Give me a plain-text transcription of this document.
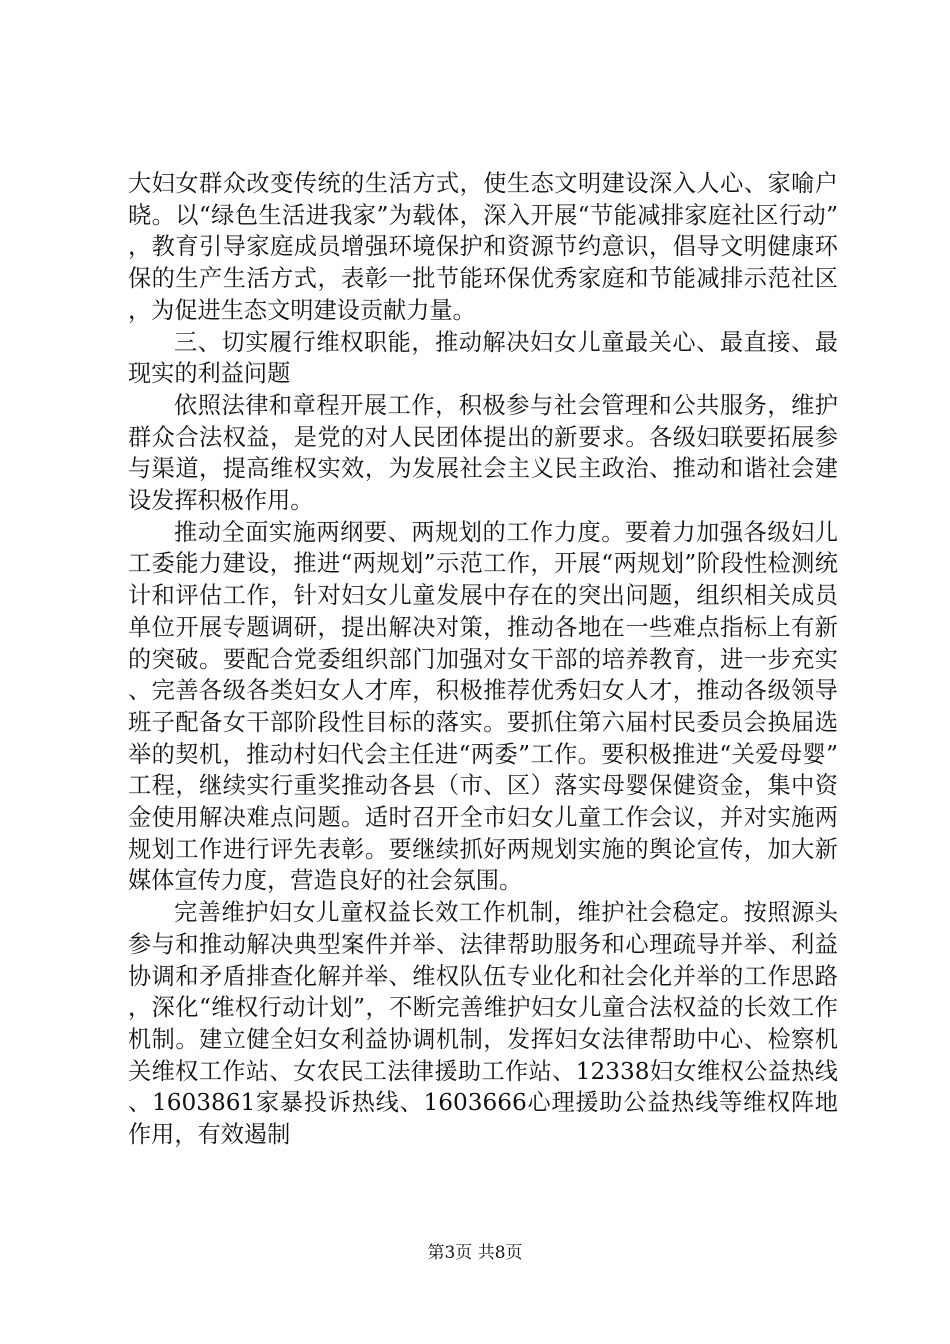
大妇女群众改变传统的生活方式，使生态文明建设深入人心、家喻户晓。以“绿色生活进我家”为载体，深入开展“节能减排家庭社区行动”，教育引导家庭成员增强环境保护和资源节约意识，倡导文明健康环保的生产生活方式，表彰一批节能环保优秀家庭和节能减排示范社区，为促进生态文明建设贡献力量。

三、切实履行维权职能，推动解决妇女儿童最关心、最直接、最现实的利益问题

依照法律和章程开展工作，积极参与社会管理和公共服务，维护群众合法权益，是党的对人民团体提出的新要求。各级妇联要拓展参与渠道，提高维权实效，为发展社会主义民主政治、推动和谐社会建设发挥积极作用。

推动全面实施两纲要、两规划的工作力度。要着力加强各级妇儿工委能力建设，推进“两规划”示范工作，开展“两规划”阶段性检测统计和评估工作，针对妇女儿童发展中存在的突出问题，组织相关成员单位开展专题调研，提出解决对策，推动各地在一些难点指标上有新的突破。要配合党委组织部门加强对女干部的培养教育，进一步充实、完善各级各类妇女人才库，积极推荐优秀妇女人才，推动各级领导班子配备女干部阶段性目标的落实。要抓住第六届村民委员会换届选举的契机，推动村妇代会主任进“两委”工作。要积极推进“关爱母婴”工程，继续实行重奖推动各县（市、区）落实母婴保健资金，集中资金使用解决难点问题。适时召开全市妇女儿童工作会议，并对实施两规划工作进行评先表彰。要继续抓好两规划实施的舆论宣传，加大新媒体宣传力度，营造良好的社会氛围。

完善维护妇女儿童权益长效工作机制，维护社会稳定。按照源头参与和推动解决典型案件并举、法律帮助服务和心理疏导并举、利益协调和矛盾排查化解并举、维权队伍专业化和社会化并举的工作思路，深化“维权行动计划”，不断完善维护妇女儿童合法权益的长效工作机制。建立健全妇女利益协调机制，发挥妇女法律帮助中心、检察机关维权工作站、女农民工法律援助工作站、12338妇女维权公益热线、1603861家暴投诉热线、1603666心理援助公益热线等维权阵地作用，有效遏制

第3页 共8页
